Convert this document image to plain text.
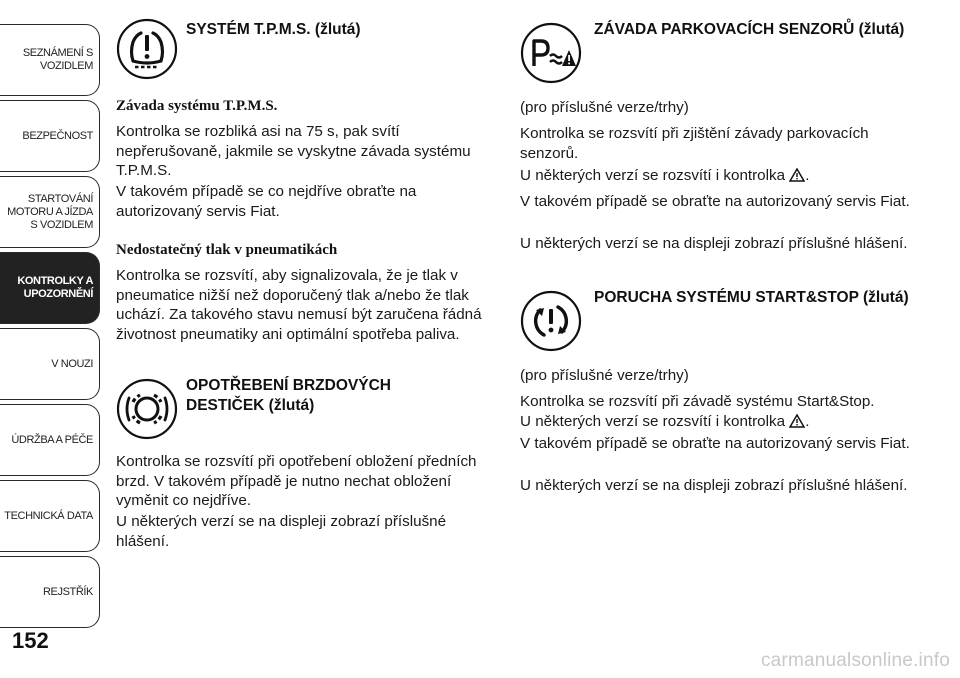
SEZNÁMENÍ S VOZIDLEM
BEZPEČNOST
STARTOVÁNÍ MOTORU A JÍZDA S VOZIDLEM
KONTROLKY A UPOZORNĚNÍ
V NOUZI
ÚDRŽBA A PÉČE
TECHNICKÁ DATA
REJSTŘÍK
152
SYSTÉM T.P.M.S. (žlutá)
Závada systému T.P.M.S.
Kontrolka se rozbliká asi na 75 s, pak svítí nepřerušovaně, jakmile se vyskytne závada systému T.P.M.S.
V takovém případě se co nejdříve obraťte na autorizovaný servis Fiat.
Nedostatečný tlak v pneumatikách
Kontrolka se rozsvítí, aby signalizovala, že je tlak v pneumatice nižší než doporučený tlak a/nebo že tlak uchází. Za takového stavu nemusí být zaručena řádná životnost pneumatiky ani optimální spotřeba paliva.
OPOTŘEBENÍ BRZDOVÝCH DESTIČEK (žlutá)
Kontrolka se rozsvítí při opotřebení obložení předních brzd. V takovém případě je nutno nechat obložení vyměnit co nejdříve.
U některých verzí se na displeji zobrazí příslušné hlášení.
ZÁVADA PARKOVACÍCH SENZORŮ (žlutá)
(pro příslušné verze/trhy)
Kontrolka se rozsvítí při zjištění závady parkovacích senzorů.
U některých verzí se rozsvítí i kontrolka .
V takovém případě se obraťte na autorizovaný servis Fiat.
U některých verzí se na displeji zobrazí příslušné hlášení.
PORUCHA SYSTÉMU START&STOP (žlutá)
(pro příslušné verze/trhy)
Kontrolka se rozsvítí při závadě systému Start&Stop.
U některých verzí se rozsvítí i kontrolka .
V takovém případě se obraťte na autorizovaný servis Fiat.
U některých verzí se na displeji zobrazí příslušné hlášení.
carmanualsonline.info
